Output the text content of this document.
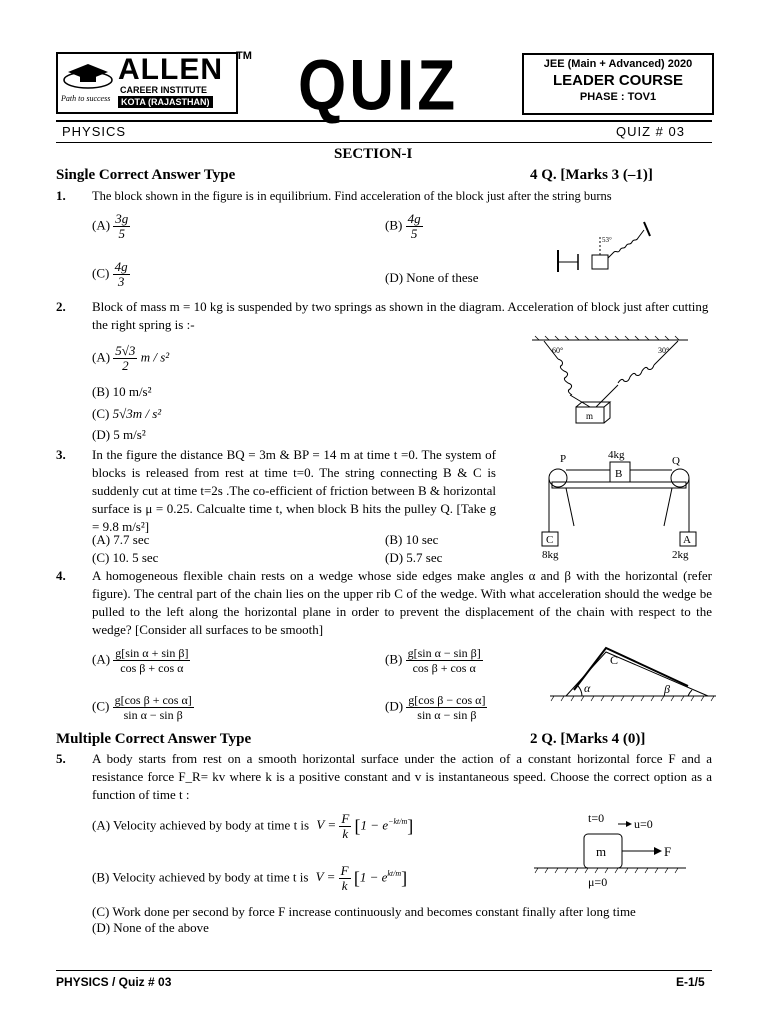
ALLEN
CAREER INSTITUTE
Path to success	KOTA (RAJASTHAN)
TM QUIZ	JEE (Main + Advanced) 2020
LEADER COURSE
PHASE : TOV1
PHYSICS	QUIZ # 03
SECTION-I
Single Correct Answer Type	4 Q. [Marks 3 (–1)]
1. The block shown in the figure is in equilibrium. Find acceleration of the block just after the string burns
$(A) \frac{3g}{5}$	$(B) \frac{4g}{5}$
$(C) \frac{4g}{3}$	(D) None of these
53°
2. Block of mass m = 10 kg is suspended by two springs as shown in the diagram. Acceleration of block just after cutting the right spring is :-
$(A) \frac{5√3}{2}$ m / s²
(B) 10 m/s²
(C) 5√3m / s²
(D) 5 m/s²
m
60°	30°
3. In the figure the distance BQ = 3m & BP = 14 m at time t =0. The system of blocks is released from rest at time t=0. The string connecting B & C is suddenly cut at time t=2s .The co-efficient of friction between B & horizontal surface is μ = 0.25. Calcualte time t, when block B hits the pulley Q. [Take g = 9.8 m/s²]
(A) 7.7 sec	(B) 10 sec
(C) 10. 5 sec	(D) 5.7 sec
P	Q
B
4kg
C
8kg
A
2kg
4. A homogeneous flexible chain rests on a wedge whose side edges make angles α and β with the horizontal (refer figure). The central part of the chain lies on the upper rib C of the wedge. With what acceleration should the wedge be pulled to the left along the horizontal plane in order to prevent the displacement of the chain with respect to the wedge? [Consider all surfaces to be smooth]
$(A) \frac{\text{g[sin α + sin β]}}{\text{cos β + cos α}}$	$(B) \frac{\text{g[sin α − sin β]}}{\text{cos β + cos α}}$
$(C) \frac{\text{g[cos β + cos α]}}{\text{sin α − sin β}}$	$(D) \frac{\text{g[cos β − cos α]}}{\text{sin α − sin β}}$
C
α	β
Multiple Correct Answer Type	2 Q. [Marks 4 (0)]
5. A body starts from rest on a smooth horizontal surface under the action of a constant horizontal force F and a resistance force F_R= kv where k is a positive constant and v is instantaneous speed. Choose the correct option as a function of time t :
(A) Velocity achieved by body at time t is $V = \frac{F}{k} [1 - e^{-kt/m}]$
(B) Velocity achieved by body at time t is $V = \frac{F}{k} [1 - e^{kt/m}]$
(C) Work done per second by force F increase continuously and becomes constant finally after long time
(D) None of the above
m	F
t=0 u=0
μ=0
PHYSICS / Quiz # 03	E-1/5
